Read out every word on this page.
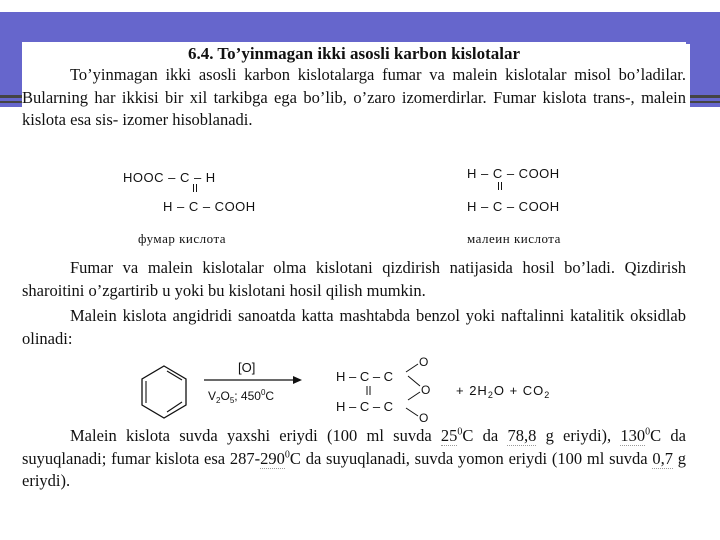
6.4. To’yinmagan ikki asosli karbon kislotalar

To’yinmagan ikki asosli karbon kislotalarga fumar va malein kislotalar misol bo’ladilar. Bularning har ikkisi bir xil tarkibga ega bo’lib, o’zaro izomerdirlar. Fumar kislota trans-, malein kislota esa sis- izomer hisoblanadi.

HOOC – C – H
H – C – COOH
фумар кислота
H – C – COOH
H – C – COOH
малеин кислота

Fumar va malein kislotalar olma kislotani qizdirish natijasida hosil bo’ladi. Qizdirish sharoitini o’zgartirib u yoki bu kislotani hosil qilish mumkin.

Malein kislota angidridi sanoatda katta mashtabda benzol yoki naftalinni katalitik oksidlab olinadi:

[O]
$V_2O_5$; $450^0C$
H – C – C
H – C – C
O
O
O
+ $2H_2O + CO_2$

Malein kislota suvda yaxshi eriydi (100 ml suvda $25^0C$ da 78,8 g eriydi), $130^0C$ da suyuqlanadi; fumar kislota esa $287-290^0C$ da suyuqlanadi, suvda yomon eriydi (100 ml suvda 0,7 g eriydi).
